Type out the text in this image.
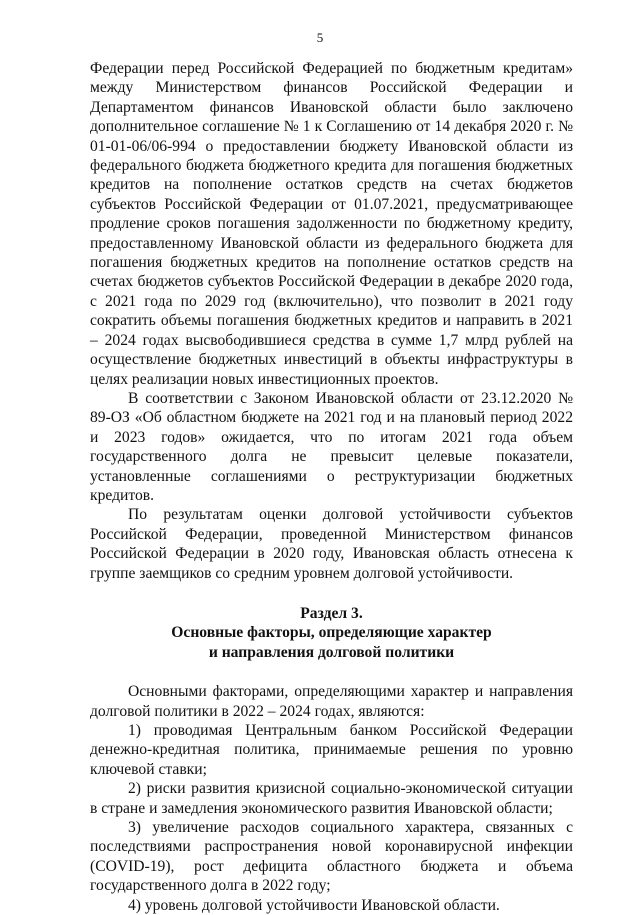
5

Федерации перед Российской Федерацией по бюджетным кредитам» между Министерством финансов Российской Федерации и Департаментом финансов Ивановской области было заключено дополнительное соглашение № 1 к Соглашению от 14 декабря 2020 г. № 01-01-06/06-994 о предоставлении бюджету Ивановской области из федерального бюджета бюджетного кредита для погашения бюджетных кредитов на пополнение остатков средств на счетах бюджетов субъектов Российской Федерации от 01.07.2021, предусматривающее продление сроков погашения задолженности по бюджетному кредиту, предоставленному Ивановской области из федерального бюджета для погашения бюджетных кредитов на пополнение остатков средств на счетах бюджетов субъектов Российской Федерации в декабре 2020 года, с 2021 года по 2029 год (включительно), что позволит в 2021 году сократить объемы погашения бюджетных кредитов и направить в 2021 – 2024 годах высвободившиеся средства в сумме 1,7 млрд рублей на осуществление бюджетных инвестиций в объекты инфраструктуры в целях реализации новых инвестиционных проектов.

В соответствии с Законом Ивановской области от 23.12.2020 № 89-ОЗ «Об областном бюджете на 2021 год и на плановый период 2022 и 2023 годов» ожидается, что по итогам 2021 года объем государственного долга не превысит целевые показатели, установленные соглашениями о реструктуризации бюджетных кредитов.

По результатам оценки долговой устойчивости субъектов Российской Федерации, проведенной Министерством финансов Российской Федерации в 2020 году, Ивановская область отнесена к группе заемщиков со средним уровнем долговой устойчивости.

Раздел 3.

Основные факторы, определяющие характер

и направления долговой политики

Основными факторами, определяющими характер и направления долговой политики в 2022 – 2024 годах, являются:

1) проводимая Центральным банком Российской Федерации денежно-кредитная политика, принимаемые решения по уровню ключевой ставки;

2) риски развития кризисной социально-экономической ситуации в стране и замедления экономического развития Ивановской области;

3) увеличение расходов социального характера, связанных с последствиями распространения новой коронавирусной инфекции (COVID-19), рост дефицита областного бюджета и объема государственного долга в 2022 году;

4) уровень долговой устойчивости Ивановской области.
